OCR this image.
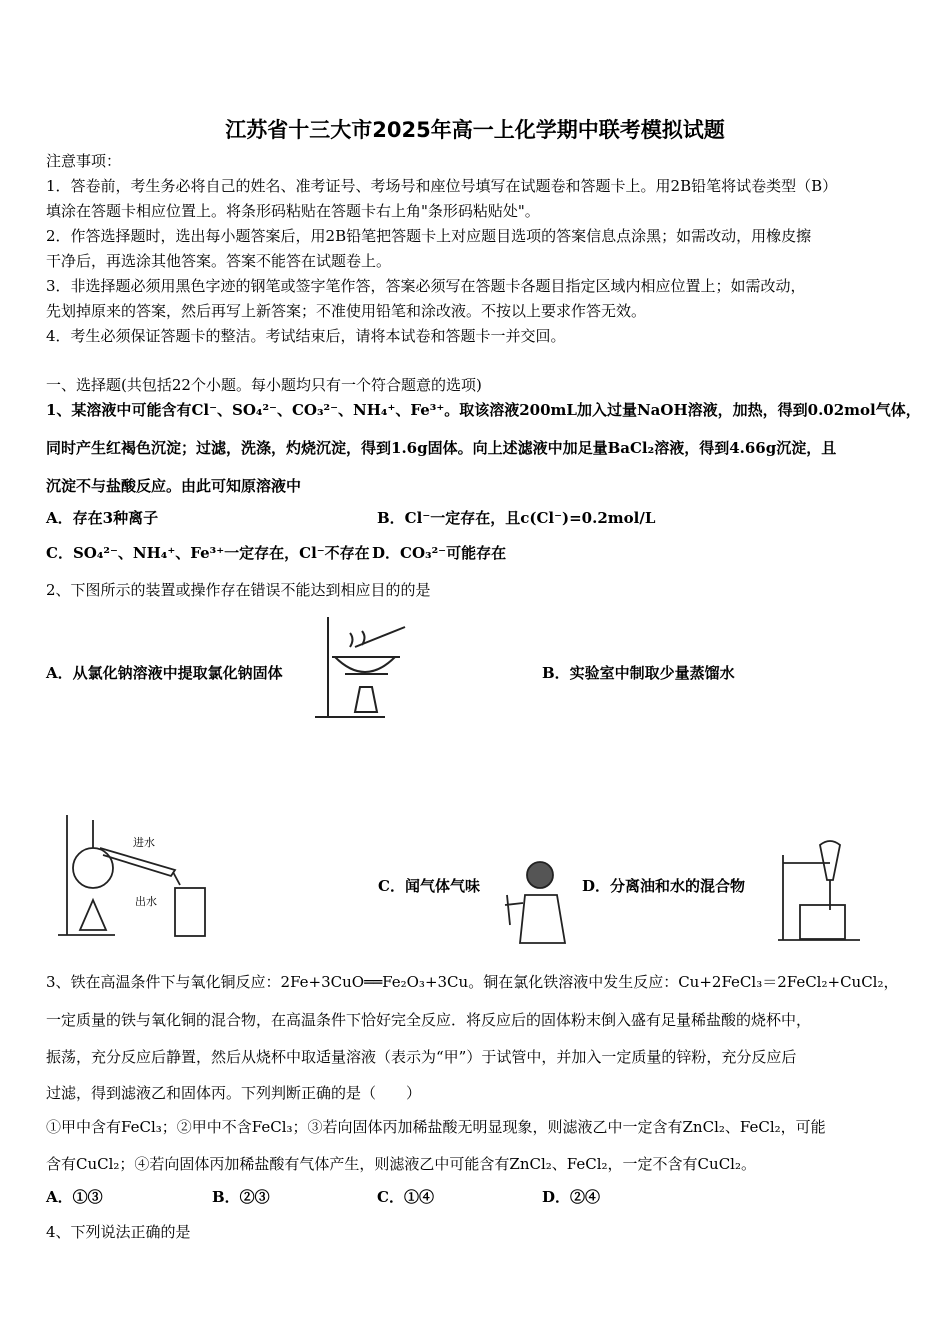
江苏省十三大市2025年高一上化学期中联考模拟试题
注意事项：
1．答卷前，考生务必将自己的姓名、准考证号、考场号和座位号填写在试题卷和答题卡上。用2B铅笔将试卷类型（B）
填涂在答题卡相应位置上。将条形码粘贴在答题卡右上角"条形码粘贴处"。
2．作答选择题时，选出每小题答案后，用2B铅笔把答题卡上对应题目选项的答案信息点涂黑；如需改动，用橡皮擦
干净后，再选涂其他答案。答案不能答在试题卷上。
3．非选择题必须用黑色字迹的钢笔或签字笔作答，答案必须写在答题卡各题目指定区域内相应位置上；如需改动，
先划掉原来的答案，然后再写上新答案；不准使用铅笔和涂改液。不按以上要求作答无效。
4．考生必须保证答题卡的整洁。考试结束后，请将本试卷和答题卡一并交回。
一、选择题(共包括22个小题。每小题均只有一个符合题意的选项)
1、某溶液中可能含有Cl⁻、SO₄²⁻、CO₃²⁻、NH₄⁺、Fe³⁺。取该溶液200mL加入过量NaOH溶液，加热，得到0.02mol气体，
同时产生红褐色沉淀；过滤，洗涤，灼烧沉淀，得到1.6g固体。向上述滤液中加足量BaCl₂溶液，得到4.66g沉淀，且
沉淀不与盐酸反应。由此可知原溶液中
A．存在3种离子	B．Cl⁻一定存在，且c(Cl⁻)=0.2mol/L
C．SO₄²⁻、NH₄⁺、Fe³⁺一定存在，Cl⁻不存在 D．CO₃²⁻可能存在
2、下图所示的装置或操作存在错误不能达到相应目的的是
A．从氯化钠溶液中提取氯化钠固体	B．实验室中制取少量蒸馏水
进水
出水
C．闻气体气味	D．分离油和水的混合物
3、铁在高温条件下与氧化铜反应：2Fe+3CuO══Fe₂O₃+3Cu。铜在氯化铁溶液中发生反应：Cu+2FeCl₃＝2FeCl₂+CuCl₂，
一定质量的铁与氧化铜的混合物，在高温条件下恰好完全反应．将反应后的固体粉末倒入盛有足量稀盐酸的烧杯中，
振荡，充分反应后静置，然后从烧杯中取适量溶液（表示为“甲”）于试管中，并加入一定质量的锌粉，充分反应后
过滤，得到滤液乙和固体丙。下列判断正确的是（　　）
①甲中含有FeCl₃；②甲中不含FeCl₃；③若向固体丙加稀盐酸无明显现象，则滤液乙中一定含有ZnCl₂、FeCl₂，可能
含有CuCl₂；④若向固体丙加稀盐酸有气体产生，则滤液乙中可能含有ZnCl₂、FeCl₂，一定不含有CuCl₂。
A．①③	B．②③	C．①④	D．②④
4、下列说法正确的是
